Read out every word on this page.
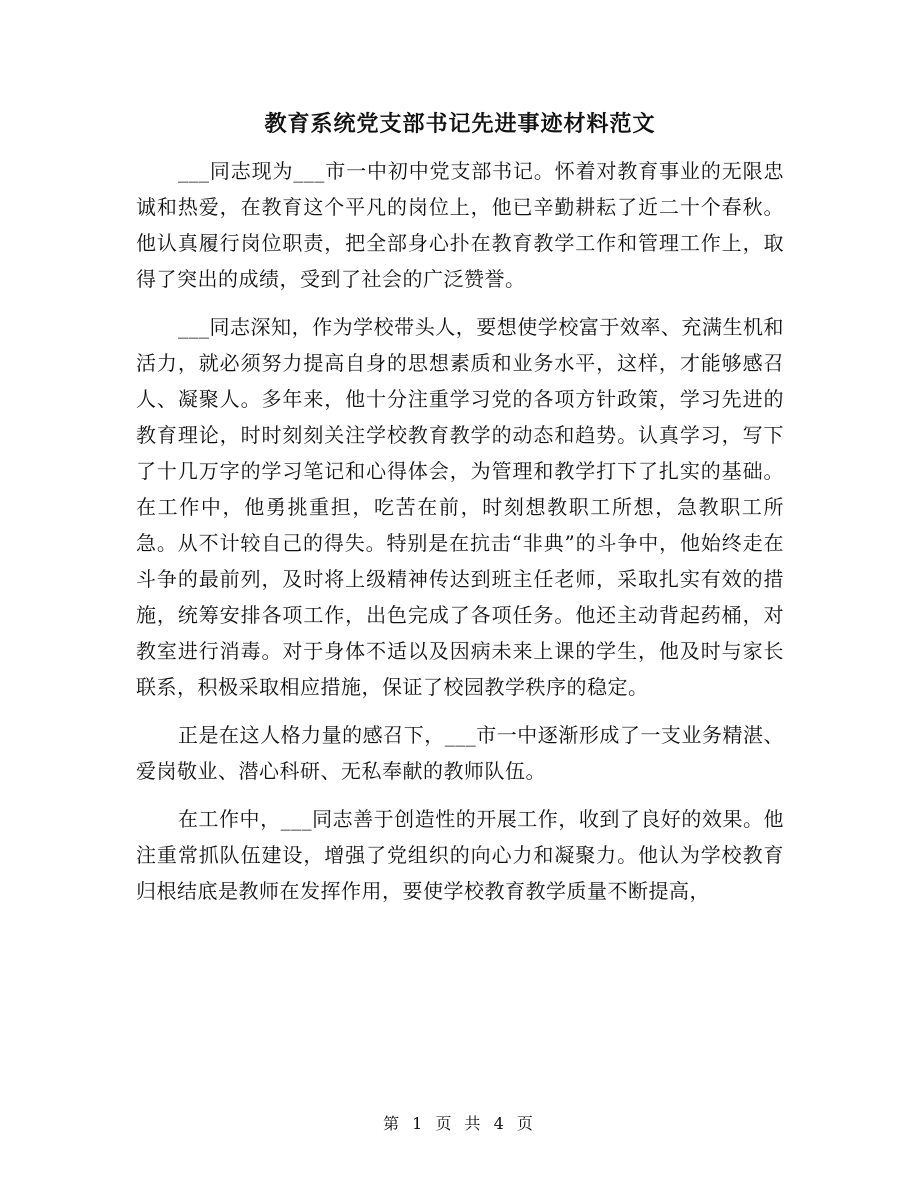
教育系统党支部书记先进事迹材料范文

___同志现为___市一中初中党支部书记。怀着对教育事业的无限忠诚和热爱，在教育这个平凡的岗位上，他已辛勤耕耘了近二十个春秋。他认真履行岗位职责，把全部身心扑在教育教学工作和管理工作上，取得了突出的成绩，受到了社会的广泛赞誉。

___同志深知，作为学校带头人，要想使学校富于效率、充满生机和活力，就必须努力提高自身的思想素质和业务水平，这样，才能够感召人、凝聚人。多年来，他十分注重学习党的各项方针政策，学习先进的教育理论，时时刻刻关注学校教育教学的动态和趋势。认真学习，写下了十几万字的学习笔记和心得体会，为管理和教学打下了扎实的基础。在工作中，他勇挑重担，吃苦在前，时刻想教职工所想，急教职工所急。从不计较自己的得失。特别是在抗击“非典”的斗争中，他始终走在斗争的最前列，及时将上级精神传达到班主任老师，采取扎实有效的措施，统筹安排各项工作，出色完成了各项任务。他还主动背起药桶，对教室进行消毒。对于身体不适以及因病未来上课的学生，他及时与家长联系，积极采取相应措施，保证了校园教学秩序的稳定。

正是在这人格力量的感召下，___市一中逐渐形成了一支业务精湛、爱岗敬业、潜心科研、无私奉献的教师队伍。

在工作中，___同志善于创造性的开展工作，收到了良好的效果。他注重常抓队伍建设，增强了党组织的向心力和凝聚力。他认为学校教育归根结底是教师在发挥作用，要使学校教育教学质量不断提高，

第 1 页 共 4 页
